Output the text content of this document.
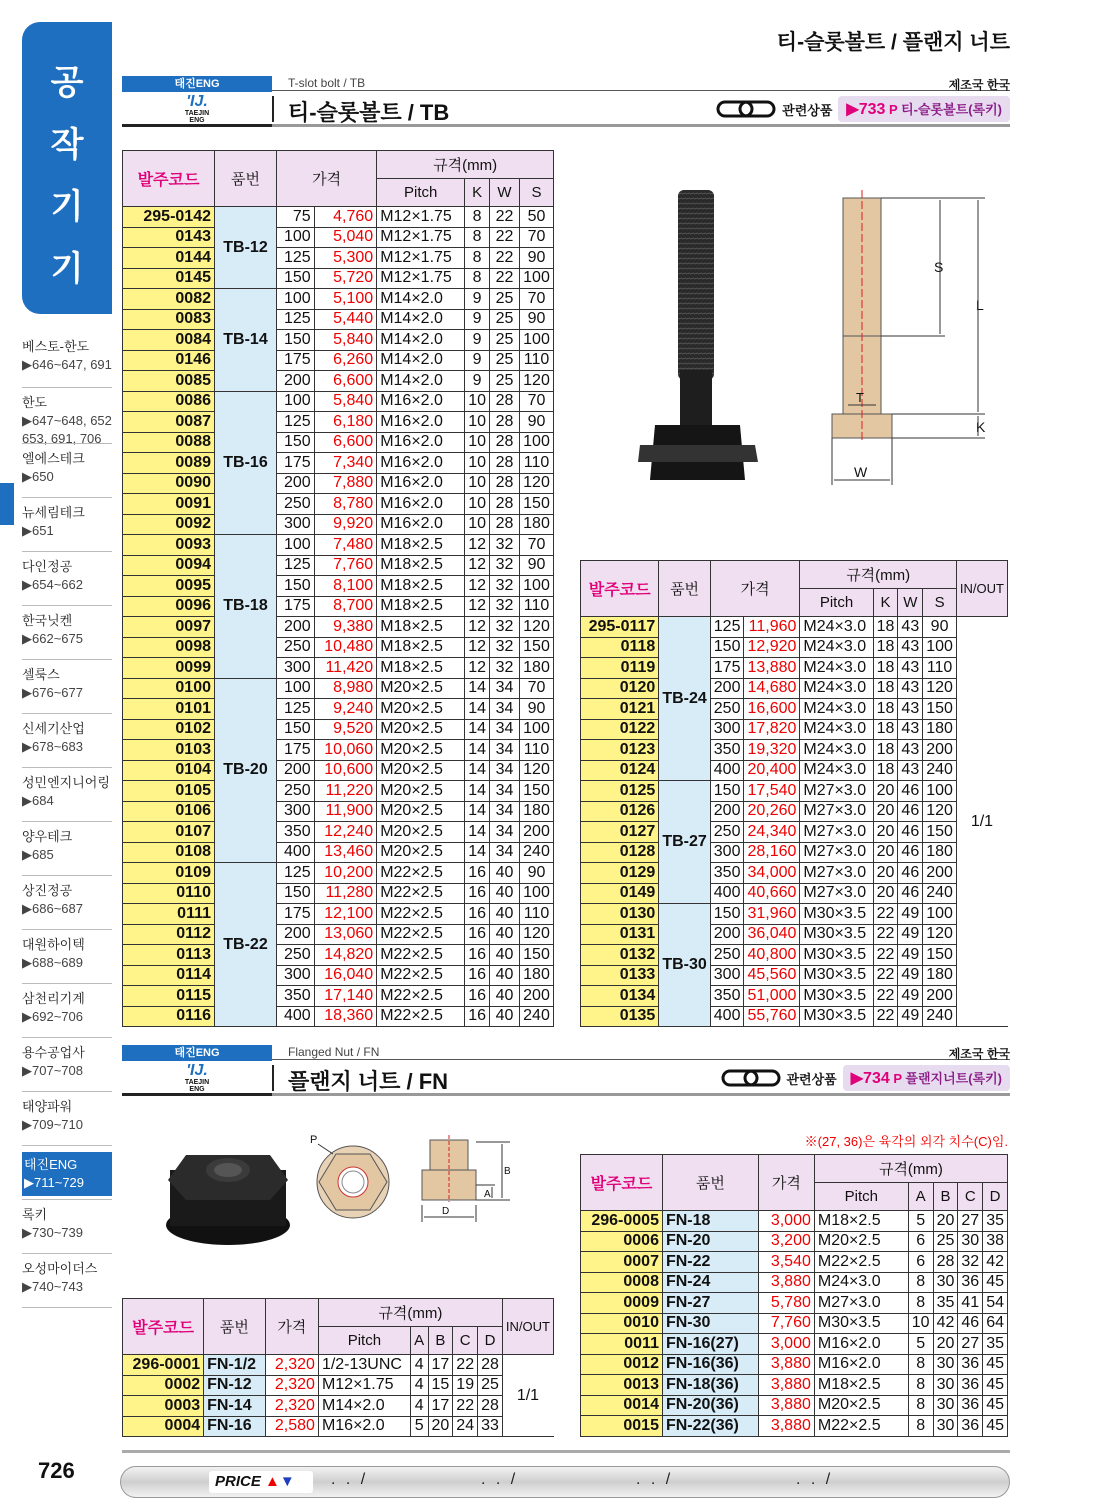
티-슬롯볼트 / 플랜지 너트
공
작
기
기
베스토-한도
▶646~647, 691
한도
▶647~648, 652 653, 691, 706
엘에스테크
▶650
뉴세림테크
▶651
다인정공
▶654~662
한국닛켄
▶662~675
셀룩스
▶676~677
신세기산업
▶678~683
성민엔지니어링
▶684
양우테크
▶685
상진정공
▶686~687
대원하이텍
▶688~689
삼천리기계
▶692~706
용수공업사
▶707~708
태양파워
▶709~710
태진ENG
▶711~729
록키
▶730~739
오성마이더스
▶740~743
태진ENG
'IJ.
TAEJIN ENG
T-slot bolt / TB	제조국 한국
티-슬롯볼트 / TB	관련상품 ▶733 P 티-슬롯볼트(록키)
발주코드	품번	가격		규격(mm)			
				Pitch	K	W	S
295-0142	TB-12	75	4,760	M12×1.75	8	22	50
0143		100	5,040	M12×1.75	8	22	70
0144		125	5,300	M12×1.75	8	22	90
0145		150	5,720	M12×1.75	8	22	100
0082	TB-14	100	5,100	M14×2.0	9	25	70
0083		125	5,440	M14×2.0	9	25	90
0084		150	5,840	M14×2.0	9	25	100
0146		175	6,260	M14×2.0	9	25	110
0085		200	6,600	M14×2.0	9	25	120
0086	TB-16	100	5,840	M16×2.0	10	28	70
0087		125	6,180	M16×2.0	10	28	90
0088		150	6,600	M16×2.0	10	28	100
0089		175	7,340	M16×2.0	10	28	110
0090		200	7,880	M16×2.0	10	28	120
0091		250	8,780	M16×2.0	10	28	150
0092		300	9,920	M16×2.0	10	28	180
0093	TB-18	100	7,480	M18×2.5	12	32	70
0094		125	7,760	M18×2.5	12	32	90
0095		150	8,100	M18×2.5	12	32	100
0096		175	8,700	M18×2.5	12	32	110
0097		200	9,380	M18×2.5	12	32	120
0098		250	10,480	M18×2.5	12	32	150
0099		300	11,420	M18×2.5	12	32	180
0100	TB-20	100	8,980	M20×2.5	14	34	70
0101		125	9,240	M20×2.5	14	34	90
0102		150	9,520	M20×2.5	14	34	100
0103		175	10,060	M20×2.5	14	34	110
0104		200	10,600	M20×2.5	14	34	120
0105		250	11,220	M20×2.5	14	34	150
0106		300	11,900	M20×2.5	14	34	180
0107		350	12,240	M20×2.5	14	34	200
0108		400	13,460	M20×2.5	14	34	240
0109	TB-22	125	10,200	M22×2.5	16	40	90
0110		150	11,280	M22×2.5	16	40	100
0111		175	12,100	M22×2.5	16	40	110
0112		200	13,060	M22×2.5	16	40	120
0113		250	14,820	M22×2.5	16	40	150
0114		300	16,040	M22×2.5	16	40	180
0115		350	17,140	M22×2.5	16	40	200
0116		400	18,360	M22×2.5	16	40	240
S
L
T
K
W
발주코드	품번	가격		규격(mm)				IN/OUT
				Pitch	K	W	S	
295-0117	TB-24	125	11,960	M24×3.0	18	43	90	1/1
0118		150	12,920	M24×3.0	18	43	100	
0119		175	13,880	M24×3.0	18	43	110	
0120		200	14,680	M24×3.0	18	43	120	
0121		250	16,600	M24×3.0	18	43	150	
0122		300	17,820	M24×3.0	18	43	180	
0123		350	19,320	M24×3.0	18	43	200	
0124		400	20,400	M24×3.0	18	43	240	
0125	TB-27	150	17,540	M27×3.0	20	46	100	
0126		200	20,260	M27×3.0	20	46	120	
0127		250	24,340	M27×3.0	20	46	150	
0128		300	28,160	M27×3.0	20	46	180	
0129		350	34,000	M27×3.0	20	46	200	
0149		400	40,660	M27×3.0	20	46	240	
0130	TB-30	150	31,960	M30×3.5	22	49	100	
0131		200	36,040	M30×3.5	22	49	120	
0132		250	40,800	M30×3.5	22	49	150	
0133		300	45,560	M30×3.5	22	49	180	
0134		350	51,000	M30×3.5	22	49	200	
0135		400	55,760	M30×3.5	22	49	240	
태진ENG
'IJ.
TAEJIN ENG
Flanged Nut / FN	제조국 한국
플랜지 너트 / FN	관련상품 ▶734 P 플랜지너트(록키)
P
B
A
D
※(27, 36)은 육각의 외각 치수(C)임.
발주코드	품번	가격	규격(mm)					IN/OUT
			Pitch	A	B	C	D	
296-0001	FN-1/2	2,320	1/2-13UNC	4	17	22	28	1/1
0002	FN-12	2,320	M12×1.75	4	15	19	25	
0003	FN-14	2,320	M14×2.0	4	17	22	28	
0004	FN-16	2,580	M16×2.0	5	20	24	33	
발주코드	품번	가격	규격(mm)				
			Pitch	A	B	C	D
296-0005	FN-18	3,000	M18×2.5	5	20	27	35
0006	FN-20	3,200	M20×2.5	6	25	30	38
0007	FN-22	3,540	M22×2.5	6	28	32	42
0008	FN-24	3,880	M24×3.0	8	30	36	45
0009	FN-27	5,780	M27×3.0	8	35	41	54
0010	FN-30	7,760	M30×3.5	10	42	46	64
0011	FN-16(27)	3,000	M16×2.0	5	20	27	35
0012	FN-16(36)	3,880	M16×2.0	8	30	36	45
0013	FN-18(36)	3,880	M18×2.5	8	30	36	45
0014	FN-20(36)	3,880	M20×2.5	8	30	36	45
0015	FN-22(36)	3,880	M22×2.5	8	30	36	45
726	PRICE ▲▼	. . /	. . /	. . /	. . /
